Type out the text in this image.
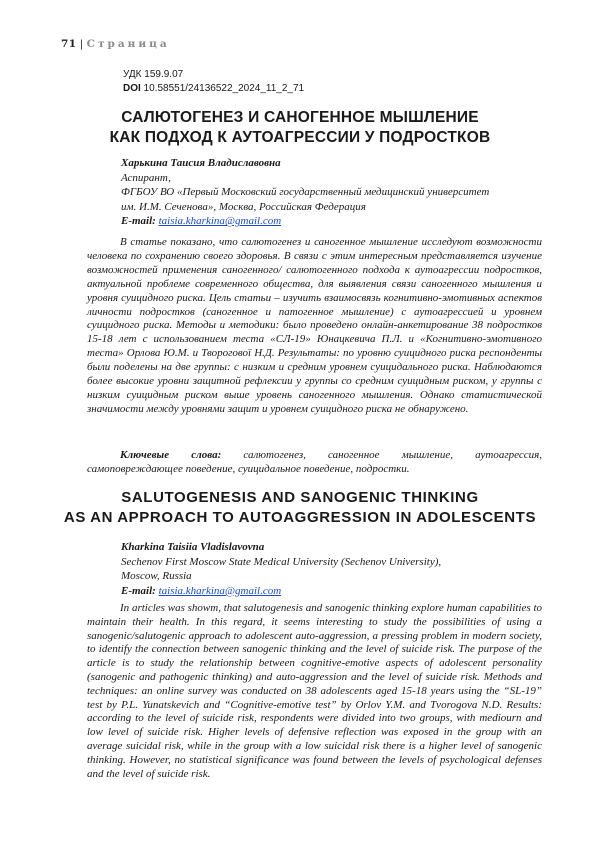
71 | Страница
УДК 159.9.07
DOI 10.58551/24136522_2024_11_2_71
САЛЮТОГЕНЕЗ И САНОГЕННОЕ МЫШЛЕНИЕ
КАК ПОДХОД К АУТОАГРЕССИИ У ПОДРОСТКОВ
Харькина Таисия Владиславовна
Аспирант,
ФГБОУ ВО «Первый Московский государственный медицинский университет
им. И.М. Сеченова», Москва, Российская Федерация
E-mail: taisia.kharkina@gmail.com
В статье показано, что салютогенез и саногенное мышление исследуют возможности человека по сохранению своего здоровья. В связи с этим интересным представляется изучение возможностей применения саногенного/ салютогенного подхода к аутоагрессии подростков, актуальной проблеме современного общества, для выявления связи саногенного мышления и уровня суицидного риска. Цель статьи – изучить взаимосвязь когнитивно-эмотивных аспектов личности подростков (саногенное и патогенное мышление) с аутоагрессией и уровнем суицидного риска. Методы и методики: было проведено онлайн-анкетирование 38 подростков 15-18 лет с использованием теста «СЛ-19» Юнацкевича П.Л. и «Когнитивно-эмотивного теста» Орлова Ю.М. и Творогової Н.Д. Результаты: по уровню суицидного риска респонденты были поделены на две группы: с низким и средним уровнем суицидального риска. Наблюдаются более высокие уровни защитной рефлексии у группы со средним суицидным риском, у группы с низким суицидным риском выше уровень саногенного мышления. Однако статистической значимости между уровнями защит и уровнем суицидного риска не обнаружено.
Ключевые слова: салютогенез, саногенное мышление, аутоагрессия, самоповреждающее поведение, суицидальное поведение, подростки.
SALUTOGENESIS AND SANOGENIC THINKING
AS AN APPROACH TO AUTOAGGRESSION IN ADOLESCENTS
Kharkina Taisiia Vladislavovna
Sechenov First Moscow State Medical University (Sechenov University),
Moscow, Russia
E-mail: taisia.kharkina@gmail.com
In articles was showm, that salutogenesis and sanogenic thinking explore human capabilities to maintain their health. In this regard, it seems interesting to study the possibilities of using a sanogenic/salutogenic approach to adolescent auto-aggression, a pressing problem in modern society, to identify the connection between sanogenic thinking and the level of suicide risk. The purpose of the article is to study the relationship between cognitive-emotive aspects of adolescent personality (sanogenic and pathogenic thinking) and auto-aggression and the level of suicide risk. Methods and techniques: an online survey was conducted on 38 adolescents aged 15-18 years using the “SL-19” test by P.L. Yunatskevich and “Cognitive-emotive test” by Orlov Y.M. and Tvorogova N.D. Results: according to the level of suicide risk, respondents were divided into two groups, with mediourn and low level of suicide risk. Higher levels of defensive reflection was exposed in the group with an average suicidal risk, while in the group with a low suicidal risk there is a higher level of sanogenic thinking. However, no statistical significance was found between the levels of psychological defenses and the level of suicide risk.
